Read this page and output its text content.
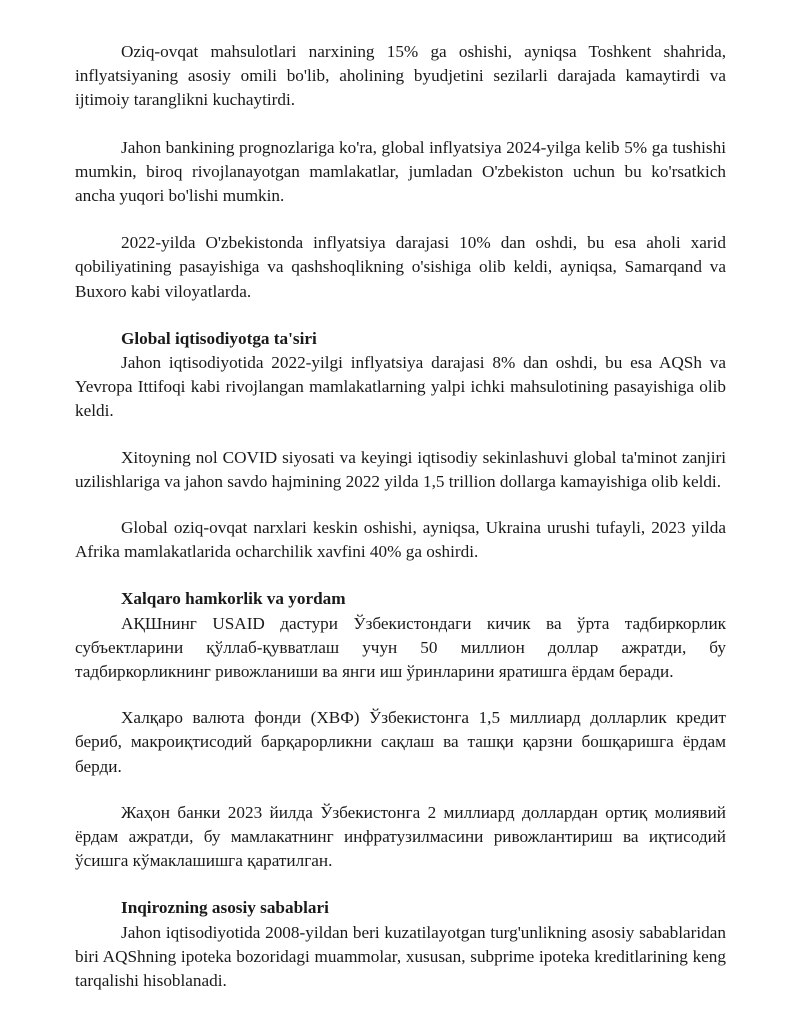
Oziq-ovqat mahsulotlari narxining 15% ga oshishi, ayniqsa Toshkent shahrida, inflyatsiyaning asosiy omili bo'lib, aholining byudjetini sezilarli darajada kamaytirdi va ijtimoiy taranglikni kuchaytirdi.

Jahon bankining prognozlariga ko'ra, global inflyatsiya 2024-yilga kelib 5% ga tushishi mumkin, biroq rivojlanayotgan mamlakatlar, jumladan O'zbekiston uchun bu ko'rsatkich ancha yuqori bo'lishi mumkin.

2022-yilda O'zbekistonda inflyatsiya darajasi 10% dan oshdi, bu esa aholi xarid qobiliyatining pasayishiga va qashshoqlikning o'sishiga olib keldi, ayniqsa, Samarqand va Buxoro kabi viloyatlarda.

Global iqtisodiyotga ta'siri

Jahon iqtisodiyotida 2022-yilgi inflyatsiya darajasi 8% dan oshdi, bu esa AQSh va Yevropa Ittifoqi kabi rivojlangan mamlakatlarning yalpi ichki mahsulotining pasayishiga olib keldi.

Xitoyning nol COVID siyosati va keyingi iqtisodiy sekinlashuvi global ta'minot zanjiri uzilishlariga va jahon savdo hajmining 2022 yilda 1,5 trillion dollarga kamayishiga olib keldi.

Global oziq-ovqat narxlari keskin oshishi, ayniqsa, Ukraina urushi tufayli, 2023 yilda Afrika mamlakatlarida ocharchilik xavfini 40% ga oshirdi.

Xalqaro hamkorlik va yordam

АҚШнинг USAID дастури Ўзбекистондаги кичик ва ўрта тадбиркорлик субъектларини қўллаб-қувватлаш учун 50 миллион доллар ажратди, бу тадбиркорликнинг ривожланиши ва янги иш ўринларини яратишга ёрдам беради.

Халқаро валюта фонди (ХВФ) Ўзбекистонга 1,5 миллиард долларлик кредит бериб, макроиқтисодий барқарорликни сақлаш ва ташқи қарзни бошқаришга ёрдам берди.

Жаҳон банки 2023 йилда Ўзбекистонга 2 миллиард доллардан ортиқ молиявий ёрдам ажратди, бу мамлакатнинг инфратузилмасини ривожлантириш ва иқтисодий ўсишга кўмаклашишга қаратилган.

Inqirozning asosiy sabablari

Jahon iqtisodiyotida 2008-yildan beri kuzatilayotgan turg'unlikning asosiy sabablaridan biri AQShning ipoteka bozoridagi muammolar, xususan, subprime ipoteka kreditlarining keng tarqalishi hisoblanadi.
